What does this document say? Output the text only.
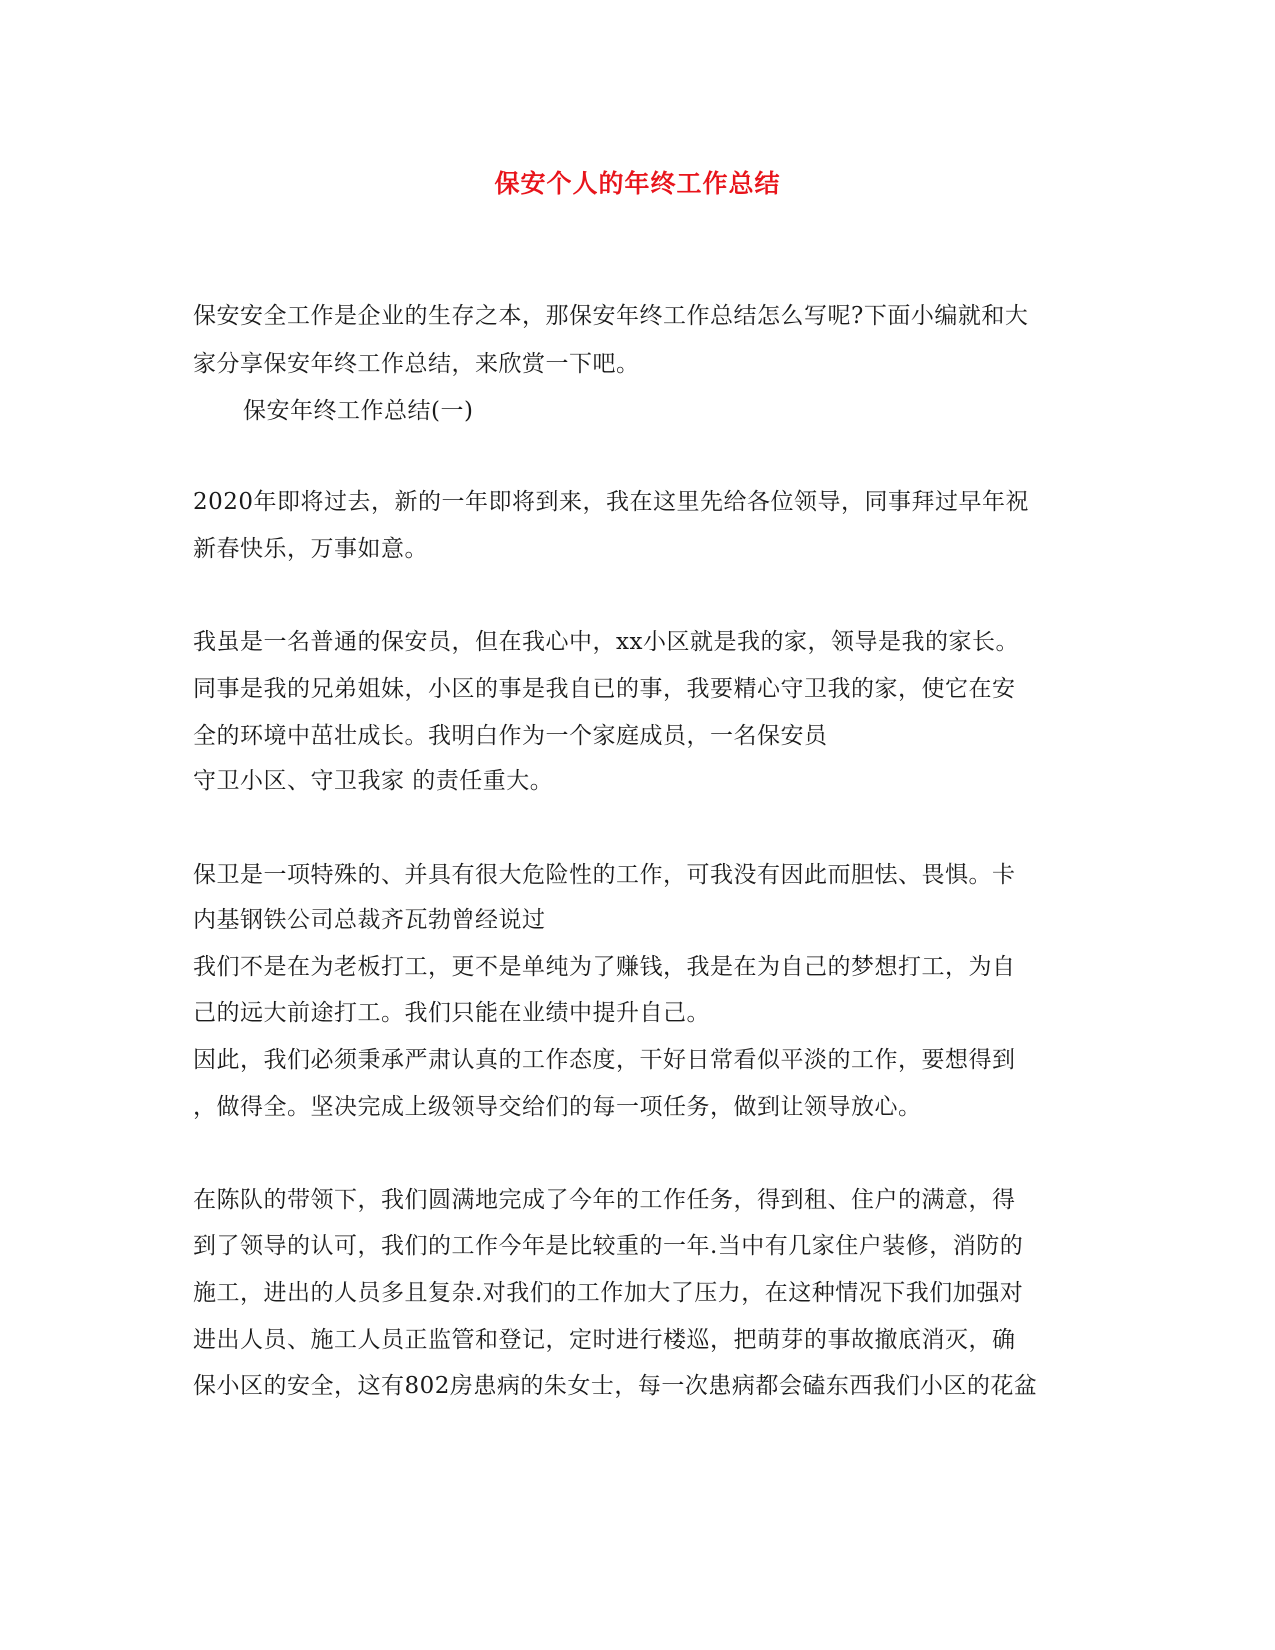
保安个人的年终工作总结
保安安全工作是企业的生存之本，那保安年终工作总结怎么写呢?下面小编就和大
家分享保安年终工作总结，来欣赏一下吧。
保安年终工作总结(一)
2020年即将过去，新的一年即将到来，我在这里先给各位领导，同事拜过早年祝
新春快乐，万事如意。
我虽是一名普通的保安员，但在我心中，xx小区就是我的家，领导是我的家长。
同事是我的兄弟姐妹，小区的事是我自已的事，我要精心守卫我的家，使它在安
全的环境中茁壮成长。我明白作为一个家庭成员，一名保安员
守卫小区、守卫我家 的责任重大。
保卫是一项特殊的、并具有很大危险性的工作，可我没有因此而胆怯、畏惧。卡
内基钢铁公司总裁齐瓦勃曾经说过
我们不是在为老板打工，更不是单纯为了赚钱，我是在为自己的梦想打工，为自
己的远大前途打工。我们只能在业绩中提升自己。
因此，我们必须秉承严肃认真的工作态度，干好日常看似平淡的工作，要想得到
，做得全。坚决完成上级领导交给们的每一项任务，做到让领导放心。
在陈队的带领下，我们圆满地完成了今年的工作任务，得到租、住户的满意，得
到了领导的认可，我们的工作今年是比较重的一年.当中有几家住户装修，消防的
施工，进出的人员多且复杂.对我们的工作加大了压力，在这种情况下我们加强对
进出人员、施工人员正监管和登记，定时进行楼巡，把萌芽的事故撤底消灭，确
保小区的安全，这有802房患病的朱女士，每一次患病都会磕东西我们小区的花盆
